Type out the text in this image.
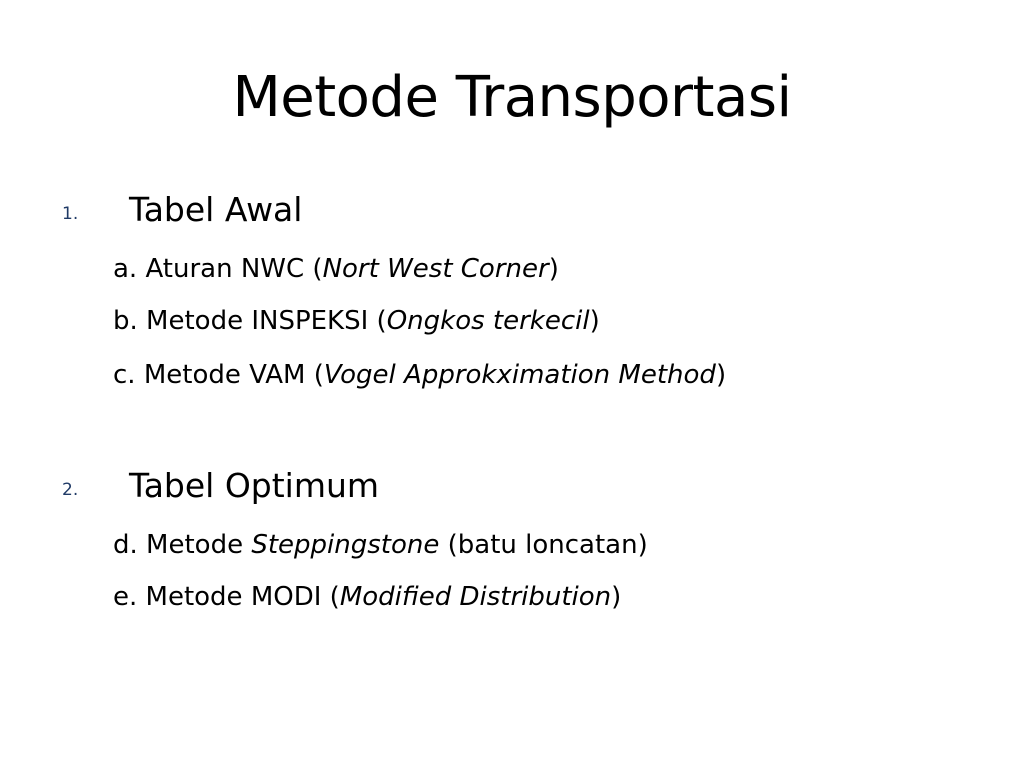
Metode Transportasi
1. Tabel Awal
a. Aturan NWC (Nort West Corner)
b. Metode INSPEKSI (Ongkos terkecil)
c. Metode VAM (Vogel Approkximation Method)
2. Tabel Optimum
d. Metode Steppingstone (batu loncatan)
e. Metode MODI (Modified Distribution)
